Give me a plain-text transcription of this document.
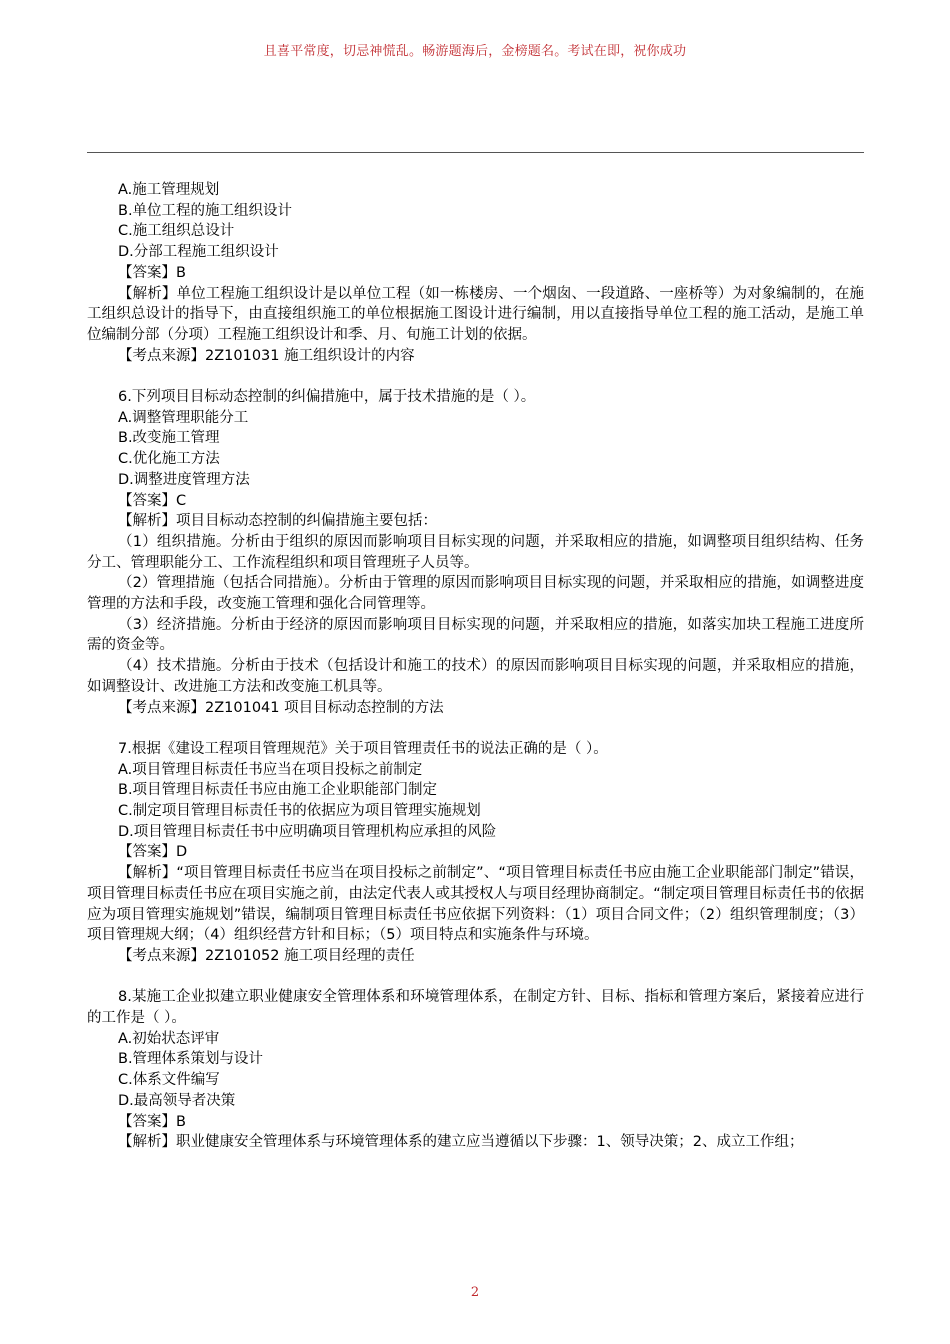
且喜平常度，切忌神慌乱。畅游题海后，金榜题名。考试在即，祝你成功
A.施工管理规划
B.单位工程的施工组织设计
C.施工组织总设计
D.分部工程施工组织设计
【答案】B
【解析】单位工程施工组织设计是以单位工程（如一栋楼房、一个烟囱、一段道路、一座桥等）为对象编制的，在施工组织总设计的指导下，由直接组织施工的单位根据施工图设计进行编制，用以直接指导单位工程的施工活动，是施工单位编制分部（分项）工程施工组织设计和季、月、旬施工计划的依据。
【考点来源】2Z101031 施工组织设计的内容
6.下列项目目标动态控制的纠偏措施中，属于技术措施的是（ ）。
A.调整管理职能分工
B.改变施工管理
C.优化施工方法
D.调整进度管理方法
【答案】C
【解析】项目目标动态控制的纠偏措施主要包括：
（1）组织措施。分析由于组织的原因而影响项目目标实现的问题，并采取相应的措施，如调整项目组织结构、任务分工、管理职能分工、工作流程组织和项目管理班子人员等。
（2）管理措施（包括合同措施）。分析由于管理的原因而影响项目目标实现的问题，并采取相应的措施，如调整进度管理的方法和手段，改变施工管理和强化合同管理等。
（3）经济措施。分析由于经济的原因而影响项目目标实现的问题，并采取相应的措施，如落实加块工程施工进度所需的资金等。
（4）技术措施。分析由于技术（包括设计和施工的技术）的原因而影响项目目标实现的问题，并采取相应的措施，如调整设计、改进施工方法和改变施工机具等。
【考点来源】2Z101041 项目目标动态控制的方法
7.根据《建设工程项目管理规范》关于项目管理责任书的说法正确的是（ ）。
A.项目管理目标责任书应当在项目投标之前制定
B.项目管理目标责任书应由施工企业职能部门制定
C.制定项目管理目标责任书的依据应为项目管理实施规划
D.项目管理目标责任书中应明确项目管理机构应承担的风险
【答案】D
【解析】“项目管理目标责任书应当在项目投标之前制定”、“项目管理目标责任书应由施工企业职能部门制定”错误，项目管理目标责任书应在项目实施之前，由法定代表人或其授权人与项目经理协商制定。“制定项目管理目标责任书的依据应为项目管理实施规划”错误，编制项目管理目标责任书应依据下列资料：（1）项目合同文件；（2）组织管理制度；（3）项目管理规大纲；（4）组织经营方针和目标；（5）项目特点和实施条件与环境。
【考点来源】2Z101052 施工项目经理的责任
8.某施工企业拟建立职业健康安全管理体系和环境管理体系，在制定方针、目标、指标和管理方案后，紧接着应进行的工作是（ ）。
A.初始状态评审
B.管理体系策划与设计
C.体系文件编写
D.最高领导者决策
【答案】B
【解析】职业健康安全管理体系与环境管理体系的建立应当遵循以下步骤：1、领导决策；2、成立工作组；
2
